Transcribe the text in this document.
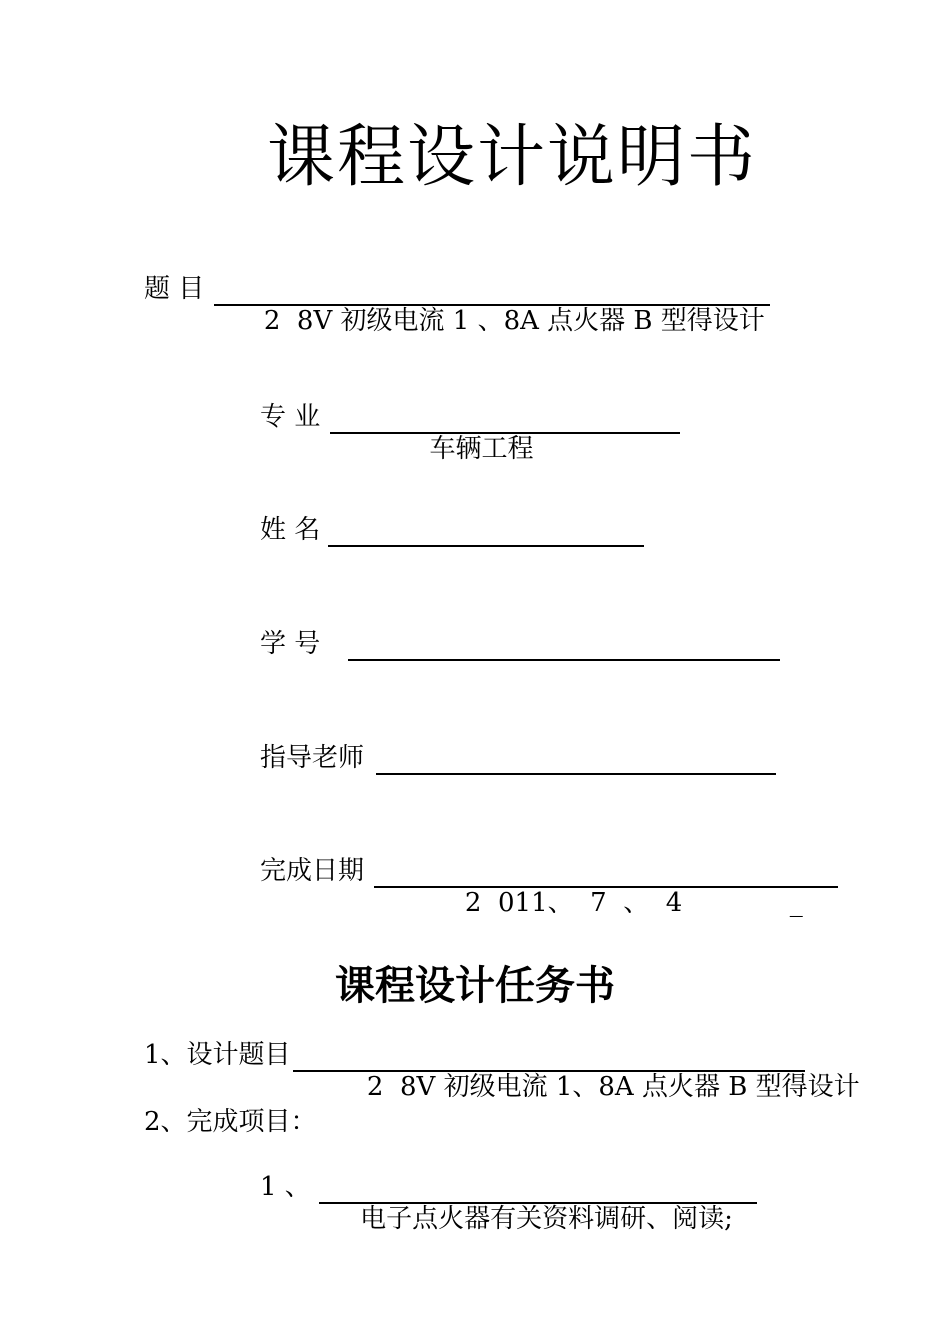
课程设计说明书
题 目

2  8V 初级电流 1 、8A 点火器 B 型得设计

专 业

车辆工程

姓 名

学 号

指导老师

完成日期

2  011、  7  、  4             _

课程设计任务书
1、设计题目

2  8V 初级电流 1、8A 点火器 B 型得设计

2、完成项目：
1 、

电子点火器有关资料调研、阅读;
